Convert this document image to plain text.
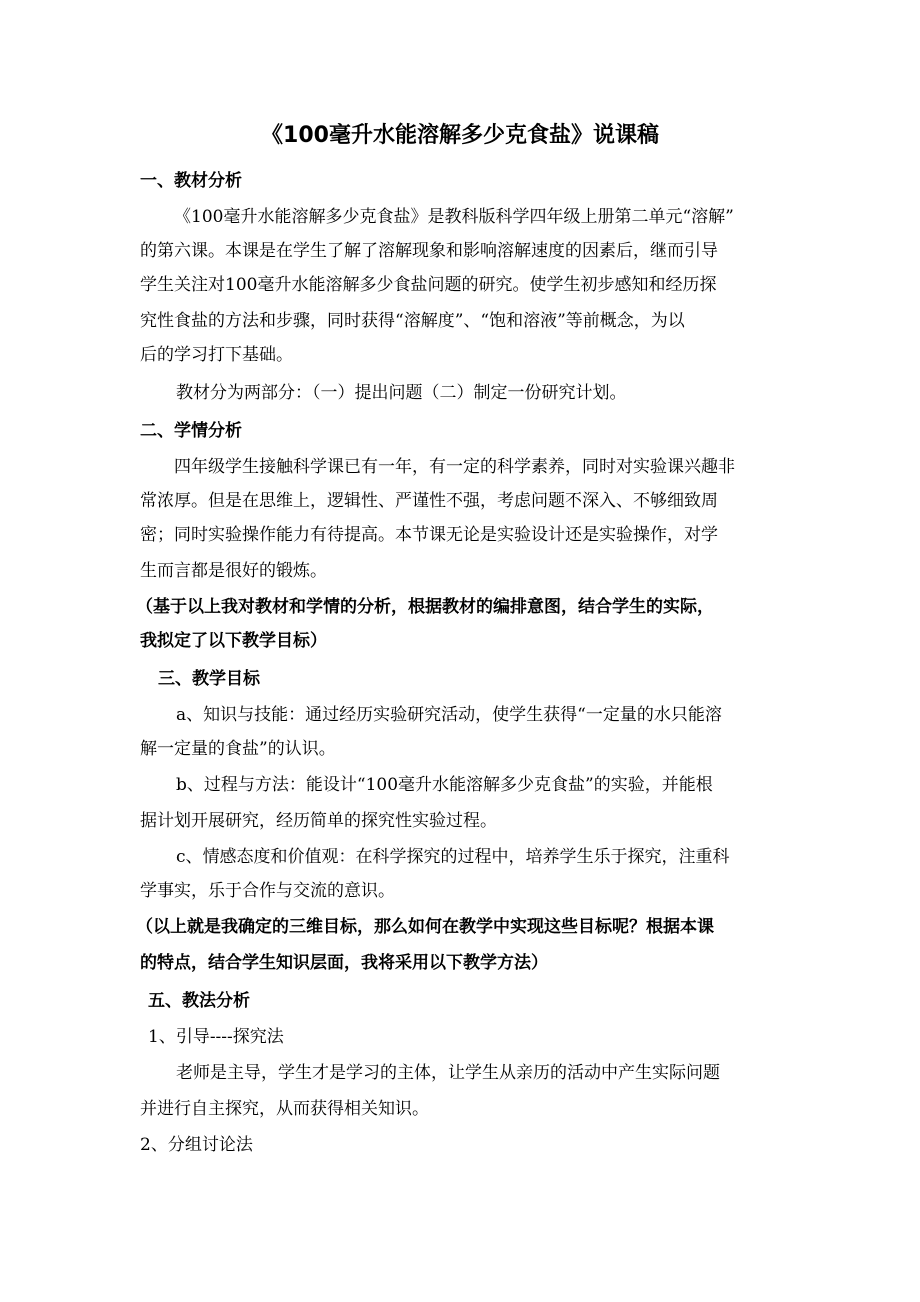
《100毫升水能溶解多少克食盐》说课稿
一、教材分析
《100毫升水能溶解多少克食盐》是教科版科学四年级上册第二单元“溶解”
的第六课。本课是在学生了解了溶解现象和影响溶解速度的因素后，继而引导
学生关注对100毫升水能溶解多少食盐问题的研究。使学生初步感知和经历探
究性食盐的方法和步骤，同时获得“溶解度”、“饱和溶液”等前概念，为以
后的学习打下基础。
教材分为两部分：（一）提出问题（二）制定一份研究计划。
二、学情分析
四年级学生接触科学课已有一年，有一定的科学素养，同时对实验课兴趣非
常浓厚。但是在思维上，逻辑性、严谨性不强，考虑问题不深入、不够细致周
密；同时实验操作能力有待提高。本节课无论是实验设计还是实验操作，对学
生而言都是很好的锻炼。
（基于以上我对教材和学情的分析，根据教材的编排意图，结合学生的实际，
我拟定了以下教学目标）
三、教学目标
a、知识与技能：通过经历实验研究活动，使学生获得“一定量的水只能溶
解一定量的食盐”的认识。
b、过程与方法：能设计“100毫升水能溶解多少克食盐”的实验，并能根
据计划开展研究，经历简单的探究性实验过程。
c、情感态度和价值观：在科学探究的过程中，培养学生乐于探究，注重科
学事实，乐于合作与交流的意识。
（以上就是我确定的三维目标，那么如何在教学中实现这些目标呢？根据本课
的特点，结合学生知识层面，我将采用以下教学方法）
五、教法分析
1、引导----探究法
老师是主导，学生才是学习的主体，让学生从亲历的活动中产生实际问题
并进行自主探究，从而获得相关知识。
2、分组讨论法
